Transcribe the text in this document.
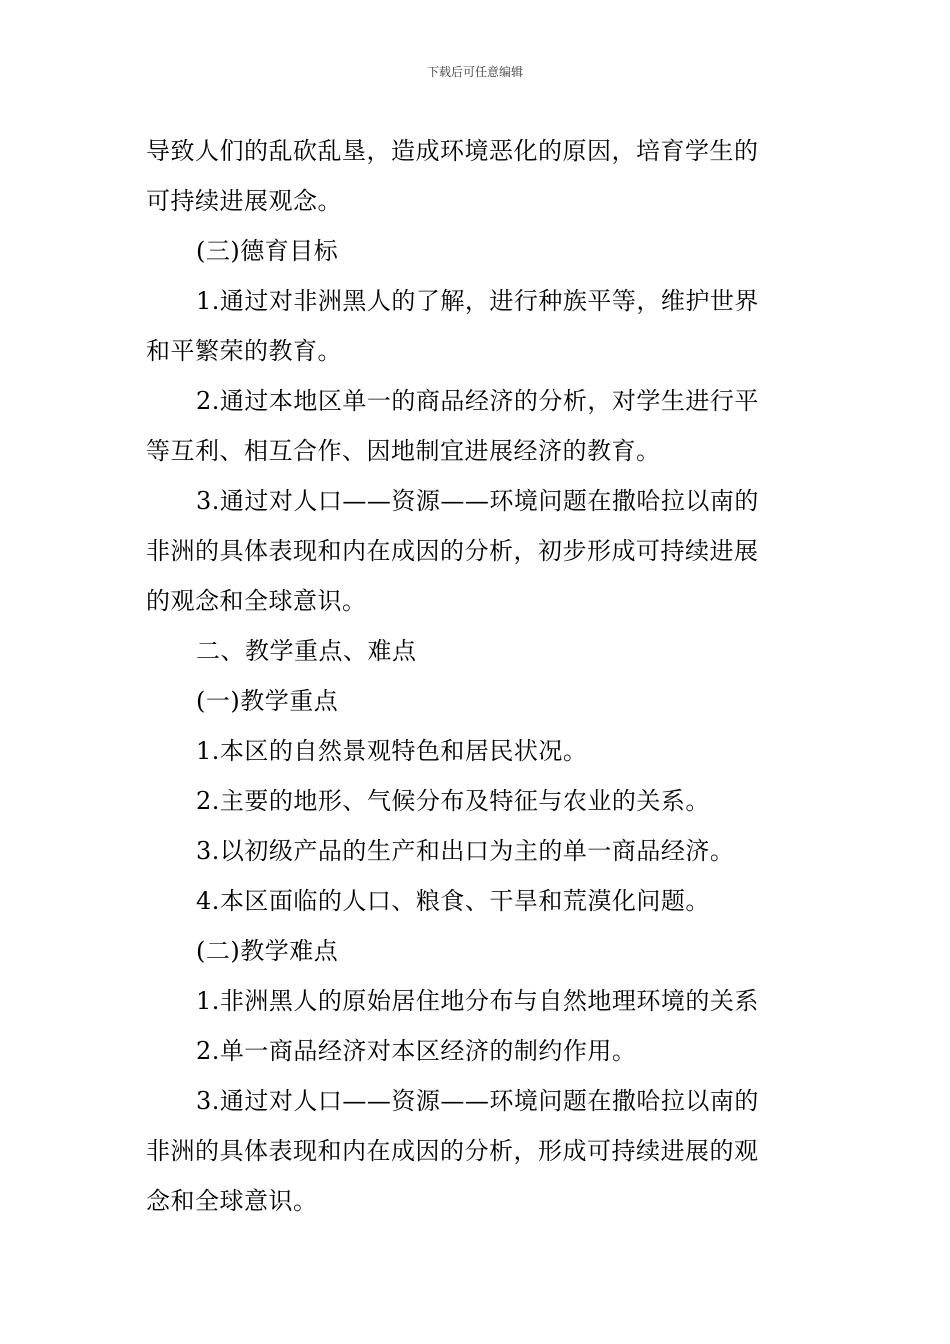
下载后可任意编辑

导致人们的乱砍乱垦，造成环境恶化的原因，培育学生的

可持续进展观念。

(三)德育目标

1.通过对非洲黑人的了解，进行种族平等，维护世界

和平繁荣的教育。

2.通过本地区单一的商品经济的分析，对学生进行平

等互利、相互合作、因地制宜进展经济的教育。

3.通过对人口——资源——环境问题在撒哈拉以南的

非洲的具体表现和内在成因的分析，初步形成可持续进展

的观念和全球意识。

二、教学重点、难点

(一)教学重点

1.本区的自然景观特色和居民状况。

2.主要的地形、气候分布及特征与农业的关系。

3.以初级产品的生产和出口为主的单一商品经济。

4.本区面临的人口、粮食、干旱和荒漠化问题。

(二)教学难点

1.非洲黑人的原始居住地分布与自然地理环境的关系

2.单一商品经济对本区经济的制约作用。

3.通过对人口——资源——环境问题在撒哈拉以南的

非洲的具体表现和内在成因的分析，形成可持续进展的观

念和全球意识。
